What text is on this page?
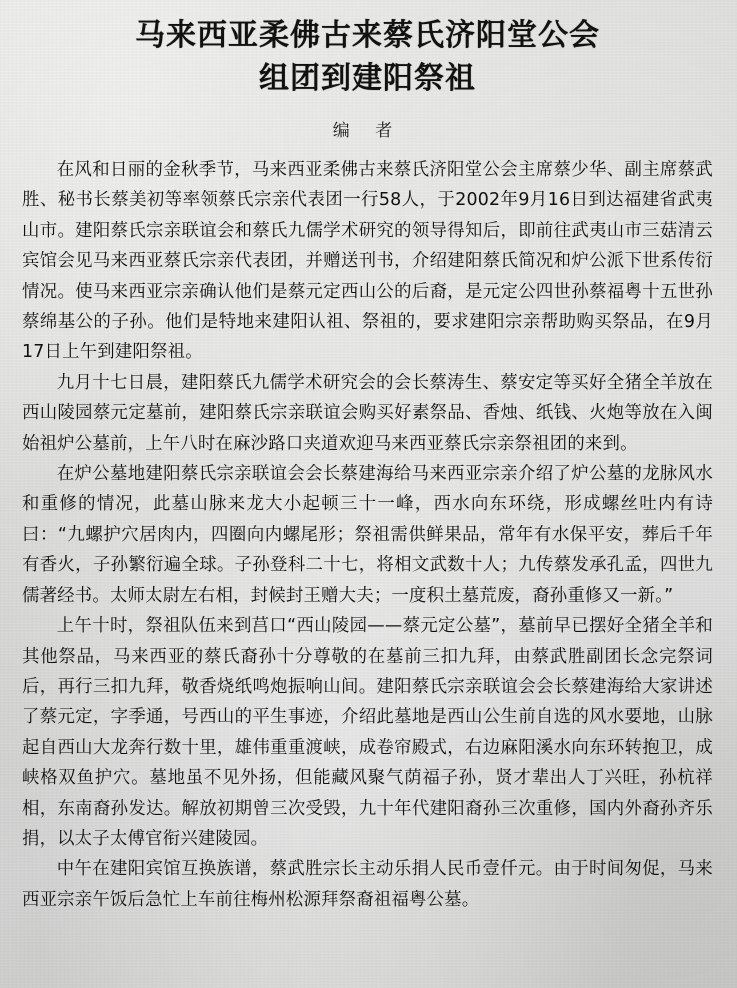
马来西亚柔佛古来蔡氏济阳堂公会
组团到建阳祭祖
编 者

在风和日丽的金秋季节，马来西亚柔佛古来蔡氏济阳堂公会主席蔡少华、副主席蔡武胜、秘书长蔡美初等率领蔡氏宗亲代表团一行58人，于2002年9月16日到达福建省武夷山市。建阳蔡氏宗亲联谊会和蔡氏九儒学术研究的领导得知后，即前往武夷山市三菇清云宾馆会见马来西亚蔡氏宗亲代表团，并赠送刊书，介绍建阳蔡氏简况和炉公派下世系传衍情况。使马来西亚宗亲确认他们是蔡元定西山公的后裔，是元定公四世孙蔡福粤十五世孙蔡绵基公的子孙。他们是特地来建阳认祖、祭祖的，要求建阳宗亲帮助购买祭品，在9月17日上午到建阳祭祖。

九月十七日晨，建阳蔡氏九儒学术研究会的会长蔡涛生、蔡安定等买好全猪全羊放在西山陵园蔡元定墓前，建阳蔡氏宗亲联谊会购买好素祭品、香烛、纸钱、火炮等放在入闽始祖炉公墓前，上午八时在麻沙路口夹道欢迎马来西亚蔡氏宗亲祭祖团的来到。

在炉公墓地建阳蔡氏宗亲联谊会会长蔡建海给马来西亚宗亲介绍了炉公墓的龙脉风水和重修的情况，此墓山脉来龙大小起顿三十一峰，西水向东环绕，形成螺丝吐内有诗曰：“九螺护穴居肉内，四圈向内螺尾形；祭祖需供鲜果品，常年有水保平安，葬后千年有香火，子孙繁衍遍全球。子孙登科二十七，将相文武数十人；九传蔡发承孔孟，四世九儒著经书。太师太尉左右相，封候封王赠大夫；一度积土墓荒废，裔孙重修又一新。”

上午十时，祭祖队伍来到莒口“西山陵园——蔡元定公墓”，墓前早已摆好全猪全羊和其他祭品，马来西亚的蔡氏裔孙十分尊敬的在墓前三扣九拜，由蔡武胜副团长念完祭词后，再行三扣九拜，敬香烧纸鸣炮振响山间。建阳蔡氏宗亲联谊会会长蔡建海给大家讲述了蔡元定，字季通，号西山的平生事迹，介绍此墓地是西山公生前自选的风水要地，山脉起自西山大龙奔行数十里，雄伟重重渡峡，成卷帘殿式，右边麻阳溪水向东环转抱卫，成峡格双鱼护穴。墓地虽不见外扬，但能藏风聚气荫福子孙，贤才辈出人丁兴旺，孙杭祥相，东南裔孙发达。解放初期曾三次受毁，九十年代建阳裔孙三次重修，国内外裔孙齐乐捐，以太子太傅官衔兴建陵园。

中午在建阳宾馆互换族谱，蔡武胜宗长主动乐捐人民币壹仟元。由于时间匆促，马来西亚宗亲午饭后急忙上车前往梅州松源拜祭裔祖福粤公墓。
